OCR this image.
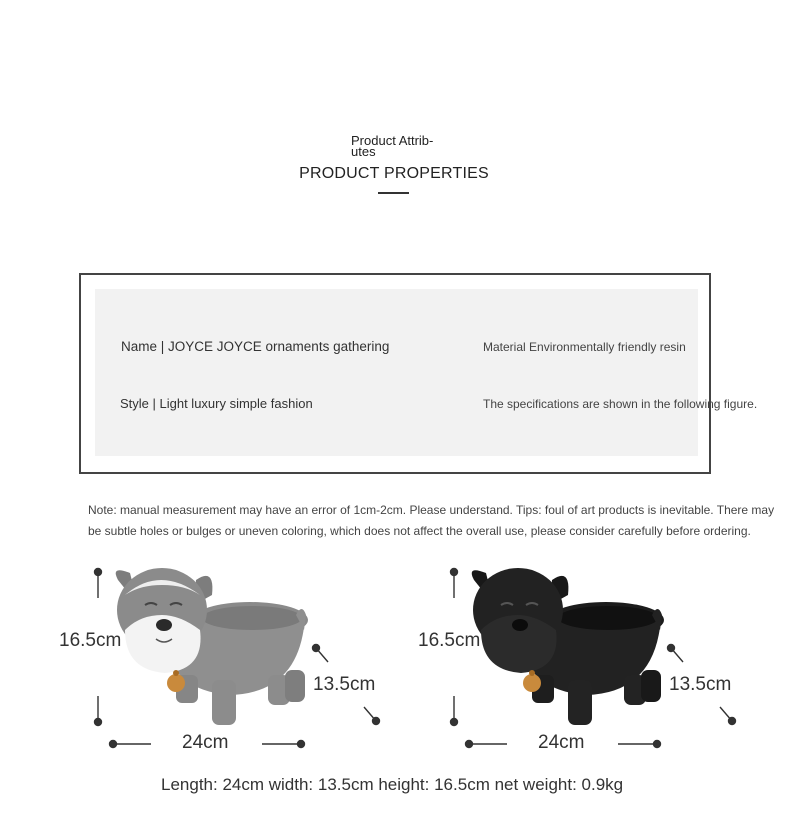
Product Attrib-utes
PRODUCT PROPERTIES
Name | JOYCE JOYCE ornaments gathering	Material Environmentally friendly resin
Style | Light luxury simple fashion	The specifications are shown in the following figure.
Note: manual measurement may have an error of 1cm-2cm. Please understand. Tips: foul of art products is inevitable. There may be subtle holes or bulges or uneven coloring, which does not affect the overall use, please consider carefully before ordering.
16.5cm
13.5cm
24cm
16.5cm
13.5cm
24cm
Length: 24cm width: 13.5cm height: 16.5cm net weight: 0.9kg
